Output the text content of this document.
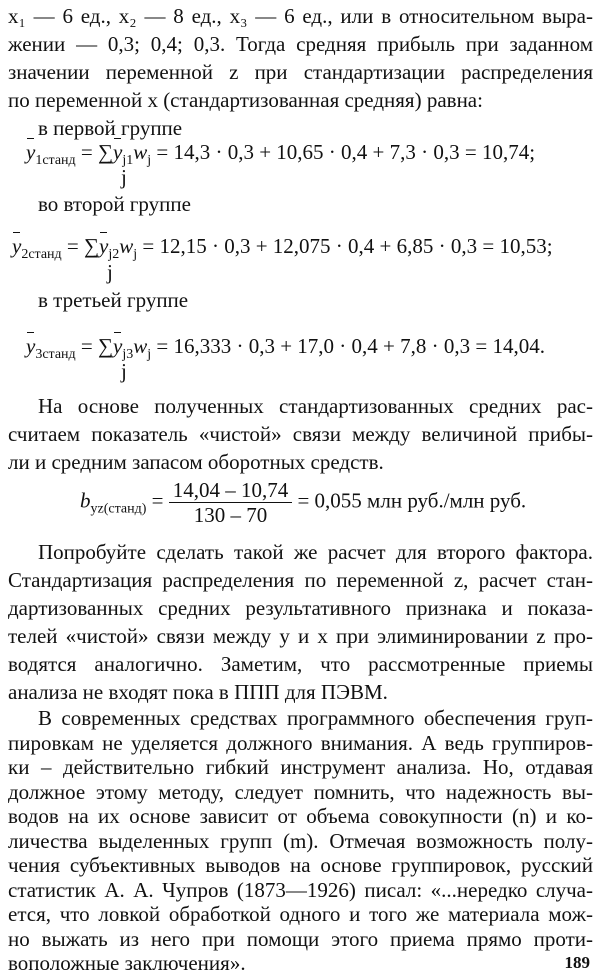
x₁ — 6 ед., x₂ — 8 ед., x₃ — 6 ед., или в относительном выра-
жении — 0,3; 0,4; 0,3. Тогда средняя прибыль при заданном
значении переменной z при стандартизации распределения
по переменной x (стандартизованная средняя) равна:
в первой группе
$y_{1станд} = \sum y_{j1}w_j = 14,3 \cdot 0,3 + 10,65 \cdot 0,4 + 7,3 \cdot 0,3 = 10,74$;
j
во второй группе
$y_{2станд} = \sum y_{j2}w_j = 12,15 \cdot 0,3 + 12,075 \cdot 0,4 + 6,85 \cdot 0,3 = 10,53$;
j
в третьей группе
$y_{3станд} = \sum y_{j3}w_j = 16,333 \cdot 0,3 + 17,0 \cdot 0,4 + 7,8 \cdot 0,3 = 14,04$.
j
На основе полученных стандартизованных средних рас-
считаем показатель «чистой» связи между величиной прибы-
ли и средним запасом оборотных средств.
$b_{yz(станд)} = \frac{14,04 - 10,74}{130 - 70} = 0,055$ млн руб./млн руб.
Попробуйте сделать такой же расчет для второго фактора.
Стандартизация распределения по переменной z, расчет стан-
дартизованных средних результативного признака и показа-
телей «чистой» связи между y и x при элиминировании z про-
водятся аналогично. Заметим, что рассмотренные приемы
анализа не входят пока в ППП для ПЭВМ.
В современных средствах программного обеспечения груп-
пировкам не уделяется должного внимания. А ведь группиров-
ки – действительно гибкий инструмент анализа. Но, отдавая
должное этому методу, следует помнить, что надежность вы-
водов на их основе зависит от объема совокупности (n) и ко-
личества выделенных групп (m). Отмечая возможность полу-
чения субъективных выводов на основе группировок, русский
статистик А. А. Чупров (1873—1926) писал: «...нередко случа-
ется, что ловкой обработкой одного и того же материала мож-
но выжать из него при помощи этого приема прямо проти-
воположные заключения».	189
